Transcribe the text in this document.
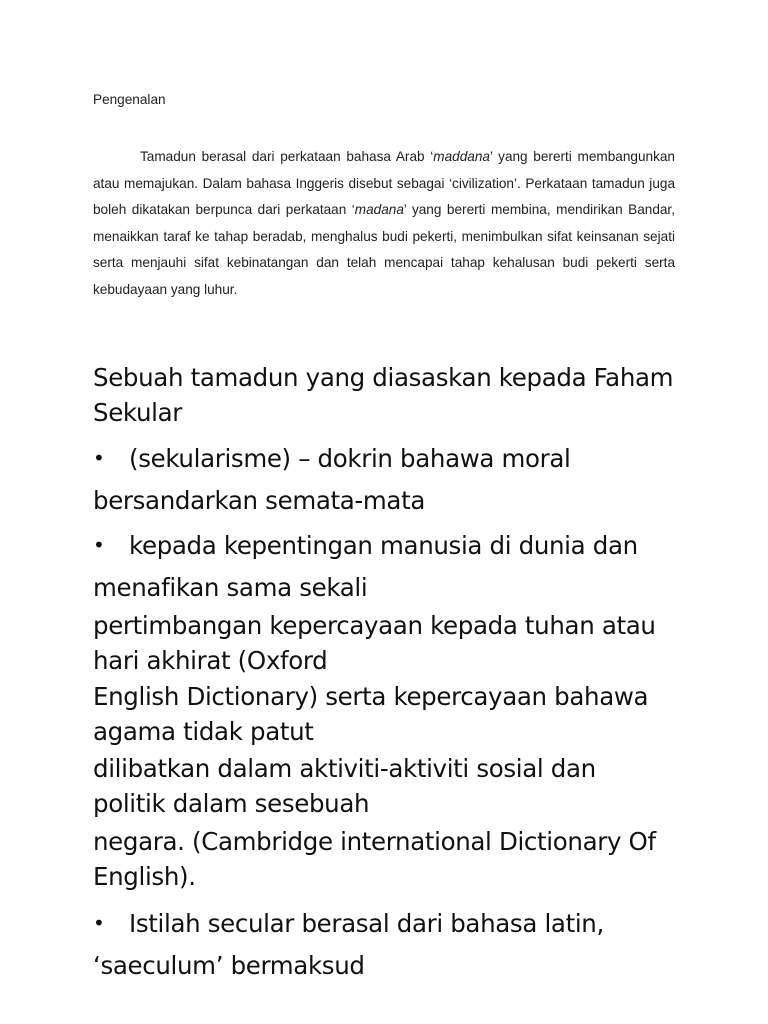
Pengenalan

Tamadun berasal dari perkataan bahasa Arab ‘maddana’ yang bererti membangunkan atau memajukan. Dalam bahasa Inggeris disebut sebagai ‘civilization’. Perkataan tamadun juga boleh dikatakan berpunca dari perkataan ‘madana’ yang bererti membina, mendirikan Bandar, menaikkan taraf ke tahap beradab, menghalus budi pekerti, menimbulkan sifat keinsanan sejati serta menjauhi sifat kebinatangan dan telah mencapai tahap kehalusan budi pekerti serta kebudayaan yang luhur.

Sebuah tamadun yang diasaskan kepada Faham
Sekular
• (sekularisme) – dokrin bahawa moral
bersandarkan semata-mata
• kepada kepentingan manusia di dunia dan
menafikan sama sekali
pertimbangan kepercayaan kepada tuhan atau
hari akhirat (Oxford
English Dictionary) serta kepercayaan bahawa
agama tidak patut
dilibatkan dalam aktiviti-aktiviti sosial dan
politik dalam sesebuah
negara. (Cambridge international Dictionary Of
English).
• Istilah secular berasal dari bahasa latin,
‘saeculum’ bermaksud
